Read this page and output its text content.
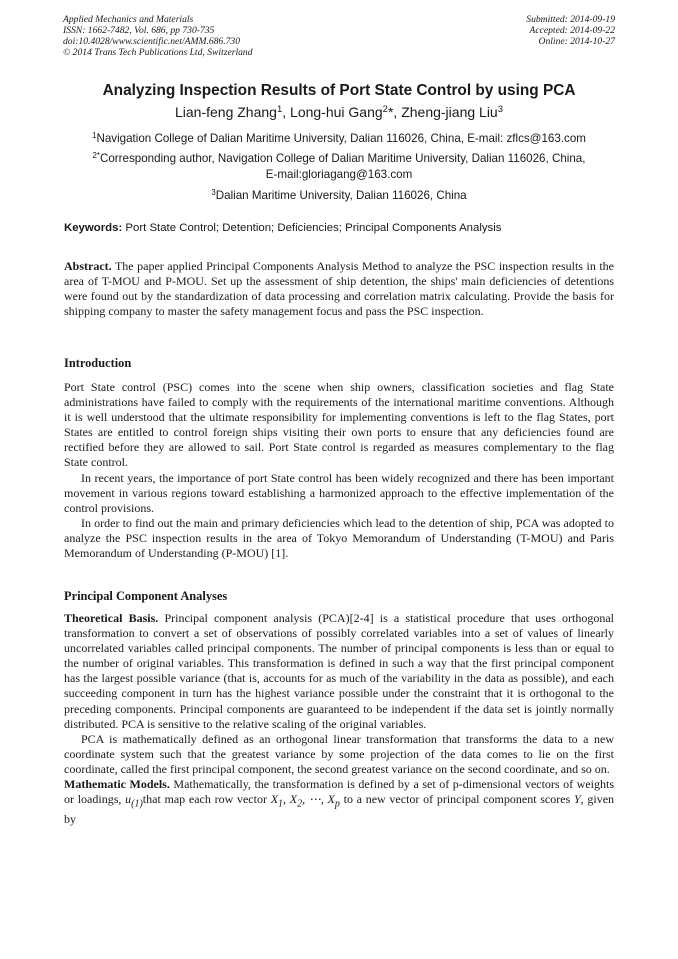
Applied Mechanics and Materials
ISSN: 1662-7482, Vol. 686, pp 730-735
doi:10.4028/www.scientific.net/AMM.686.730
© 2014 Trans Tech Publications Ltd, Switzerland
Submitted: 2014-09-19
Accepted: 2014-09-22
Online: 2014-10-27
Analyzing Inspection Results of Port State Control by using PCA
Lian-feng Zhang$^1$, Long-hui Gang$^2$*, Zheng-jiang Liu$^3$
$^1$Navigation College of Dalian Maritime University, Dalian 116026, China, E-mail: zflcs@163.com
$^{2*}$Corresponding author, Navigation College of Dalian Maritime University, Dalian 116026, China,
E-mail:gloriagang@163.com
$^3$Dalian Maritime University, Dalian 116026, China
Keywords: Port State Control; Detention; Deficiencies; Principal Components Analysis

Abstract. The paper applied Principal Components Analysis Method to analyze the PSC inspection results in the area of T-MOU and P-MOU. Set up the assessment of ship detention, the ships' main deficiencies of detentions were found out by the standardization of data processing and correlation matrix calculating. Provide the basis for shipping company to master the safety management focus and pass the PSC inspection.

Introduction

Port State control (PSC) comes into the scene when ship owners, classification societies and flag State administrations have failed to comply with the requirements of the international maritime conventions. Although it is well understood that the ultimate responsibility for implementing conventions is left to the flag States, port States are entitled to control foreign ships visiting their own ports to ensure that any deficiencies found are rectified before they are allowed to sail. Port State control is regarded as measures complementary to the flag State control.

In recent years, the importance of port State control has been widely recognized and there has been important movement in various regions toward establishing a harmonized approach to the effective implementation of the control provisions.

In order to find out the main and primary deficiencies which lead to the detention of ship, PCA was adopted to analyze the PSC inspection results in the area of Tokyo Memorandum of Understanding (T-MOU) and Paris Memorandum of Understanding (P-MOU) [1].

Principal Component Analyses

Theoretical Basis. Principal component analysis (PCA)[2-4] is a statistical procedure that uses orthogonal transformation to convert a set of observations of possibly correlated variables into a set of values of linearly uncorrelated variables called principal components. The number of principal components is less than or equal to the number of original variables. This transformation is defined in such a way that the first principal component has the largest possible variance (that is, accounts for as much of the variability in the data as possible), and each succeeding component in turn has the highest variance possible under the constraint that it is orthogonal to the preceding components. Principal components are guaranteed to be independent if the data set is jointly normally distributed. PCA is sensitive to the relative scaling of the original variables.

PCA is mathematically defined as an orthogonal linear transformation that transforms the data to a new coordinate system such that the greatest variance by some projection of the data comes to lie on the first coordinate, called the first principal component, the second greatest variance on the second coordinate, and so on.

Mathematic Models. Mathematically, the transformation is defined by a set of p-dimensional vectors of weights or loadings, $u_{(1)}that$ map each row vector $X_1$, $X_2$, ⋯, $X_p$ to a new vector of principal component scores Y, given by
